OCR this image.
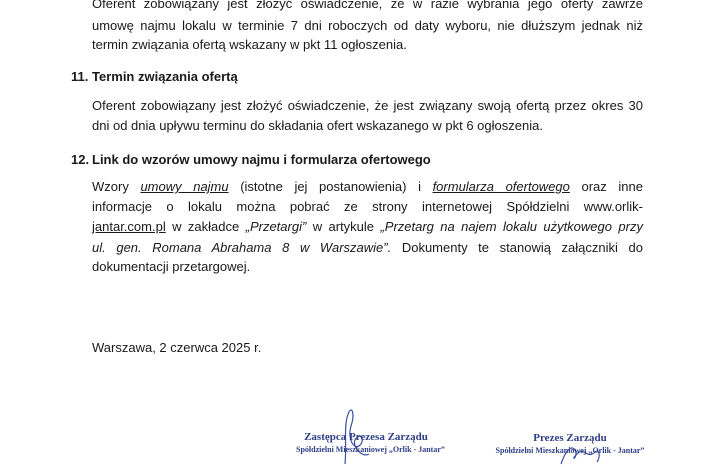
Oferent zobowiązany jest złożyć oświadczenie, że w razie wybrania jego oferty zawrze
umowę najmu lokalu w terminie 7 dni roboczych od daty wyboru, nie dłuższym jednak niż
termin związania ofertą wskazany w pkt 11 ogłoszenia.
11. Termin związania ofertą
Oferent zobowiązany jest złożyć oświadczenie, że jest związany swoją ofertą przez okres 30
dni od dnia upływu terminu do składania ofert wskazanego w pkt 6 ogłoszenia.
12. Link do wzorów umowy najmu i formularza ofertowego
Wzory umowy najmu (istotne jej postanowienia) i formularza ofertowego oraz inne
informacje o lokalu można pobrać ze strony internetowej Spółdzielni www.orlik-
jantar.com.pl w zakładce „Przetargi” w artykule „Przetarg na najem lokalu użytkowego przy
ul. gen. Romana Abrahama 8 w Warszawie”. Dokumenty te stanowią załączniki do
dokumentacji przetargowej.
Warszawa, 2 czerwca 2025 r.
Zastępca Prezesa Zarządu
Spółdzielni Mieszkaniowej „Orlik - Jantar”
Prezes Zarządu
Spółdzielni Mieszkaniowej „Orlik - Jantar”
